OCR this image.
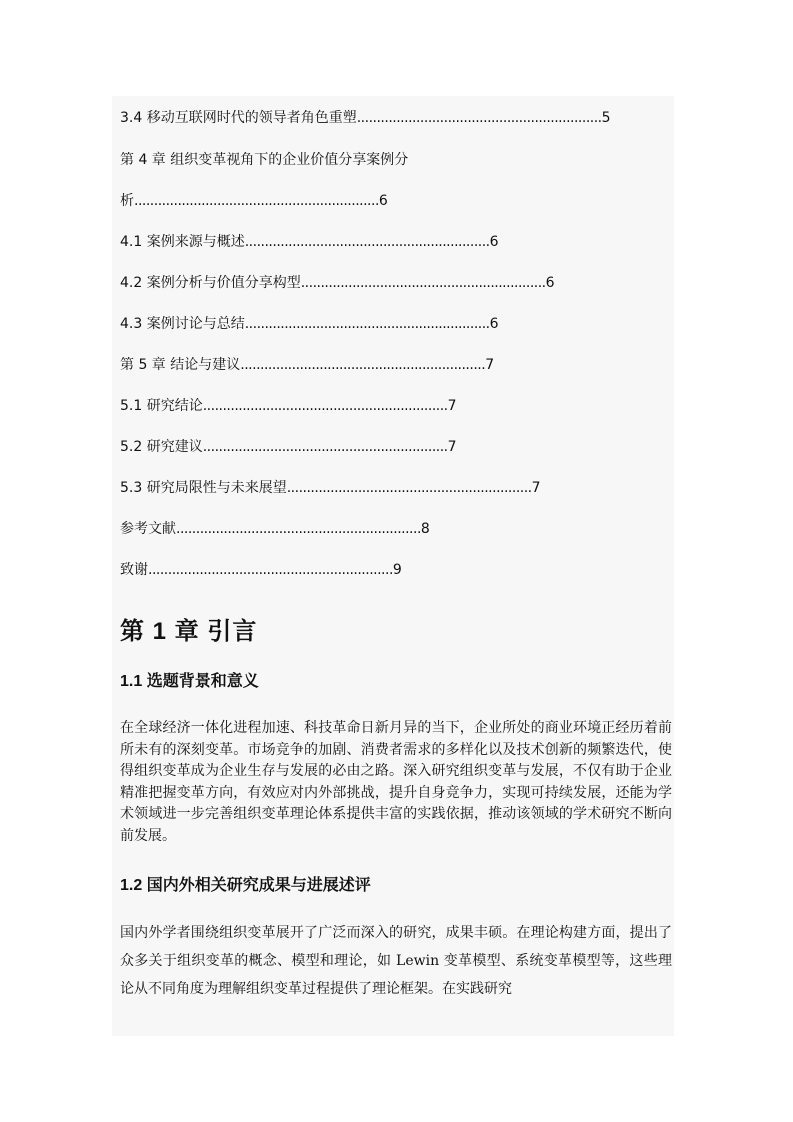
3.4 移动互联网时代的领导者角色重塑..............................................................5
第 4 章 组织变革视角下的企业价值分享案例分
析..............................................................6
4.1 案例来源与概述..............................................................6
4.2 案例分析与价值分享构型..............................................................6
4.3 案例讨论与总结..............................................................6
第 5 章 结论与建议..............................................................7
5.1 研究结论..............................................................7
5.2 研究建议..............................................................7
5.3 研究局限性与未来展望..............................................................7
参考文献..............................................................8
致谢..............................................................9
第 1 章 引言
1.1 选题背景和意义

在全球经济一体化进程加速、科技革命日新月异的当下，企业所处的商业环境正经历着前所未有的深刻变革。市场竞争的加剧、消费者需求的多样化以及技术创新的频繁迭代，使得组织变革成为企业生存与发展的必由之路。深入研究组织变革与发展，不仅有助于企业精准把握变革方向，有效应对内外部挑战，提升自身竞争力，实现可持续发展，还能为学术领域进一步完善组织变革理论体系提供丰富的实践依据，推动该领域的学术研究不断向前发展。

1.2 国内外相关研究成果与进展述评

国内外学者围绕组织变革展开了广泛而深入的研究，成果丰硕。在理论构建方面，提出了众多关于组织变革的概念、模型和理论，如 Lewin 变革模型、系统变革模型等，这些理论从不同角度为理解组织变革过程提供了理论框架。在实践研究
